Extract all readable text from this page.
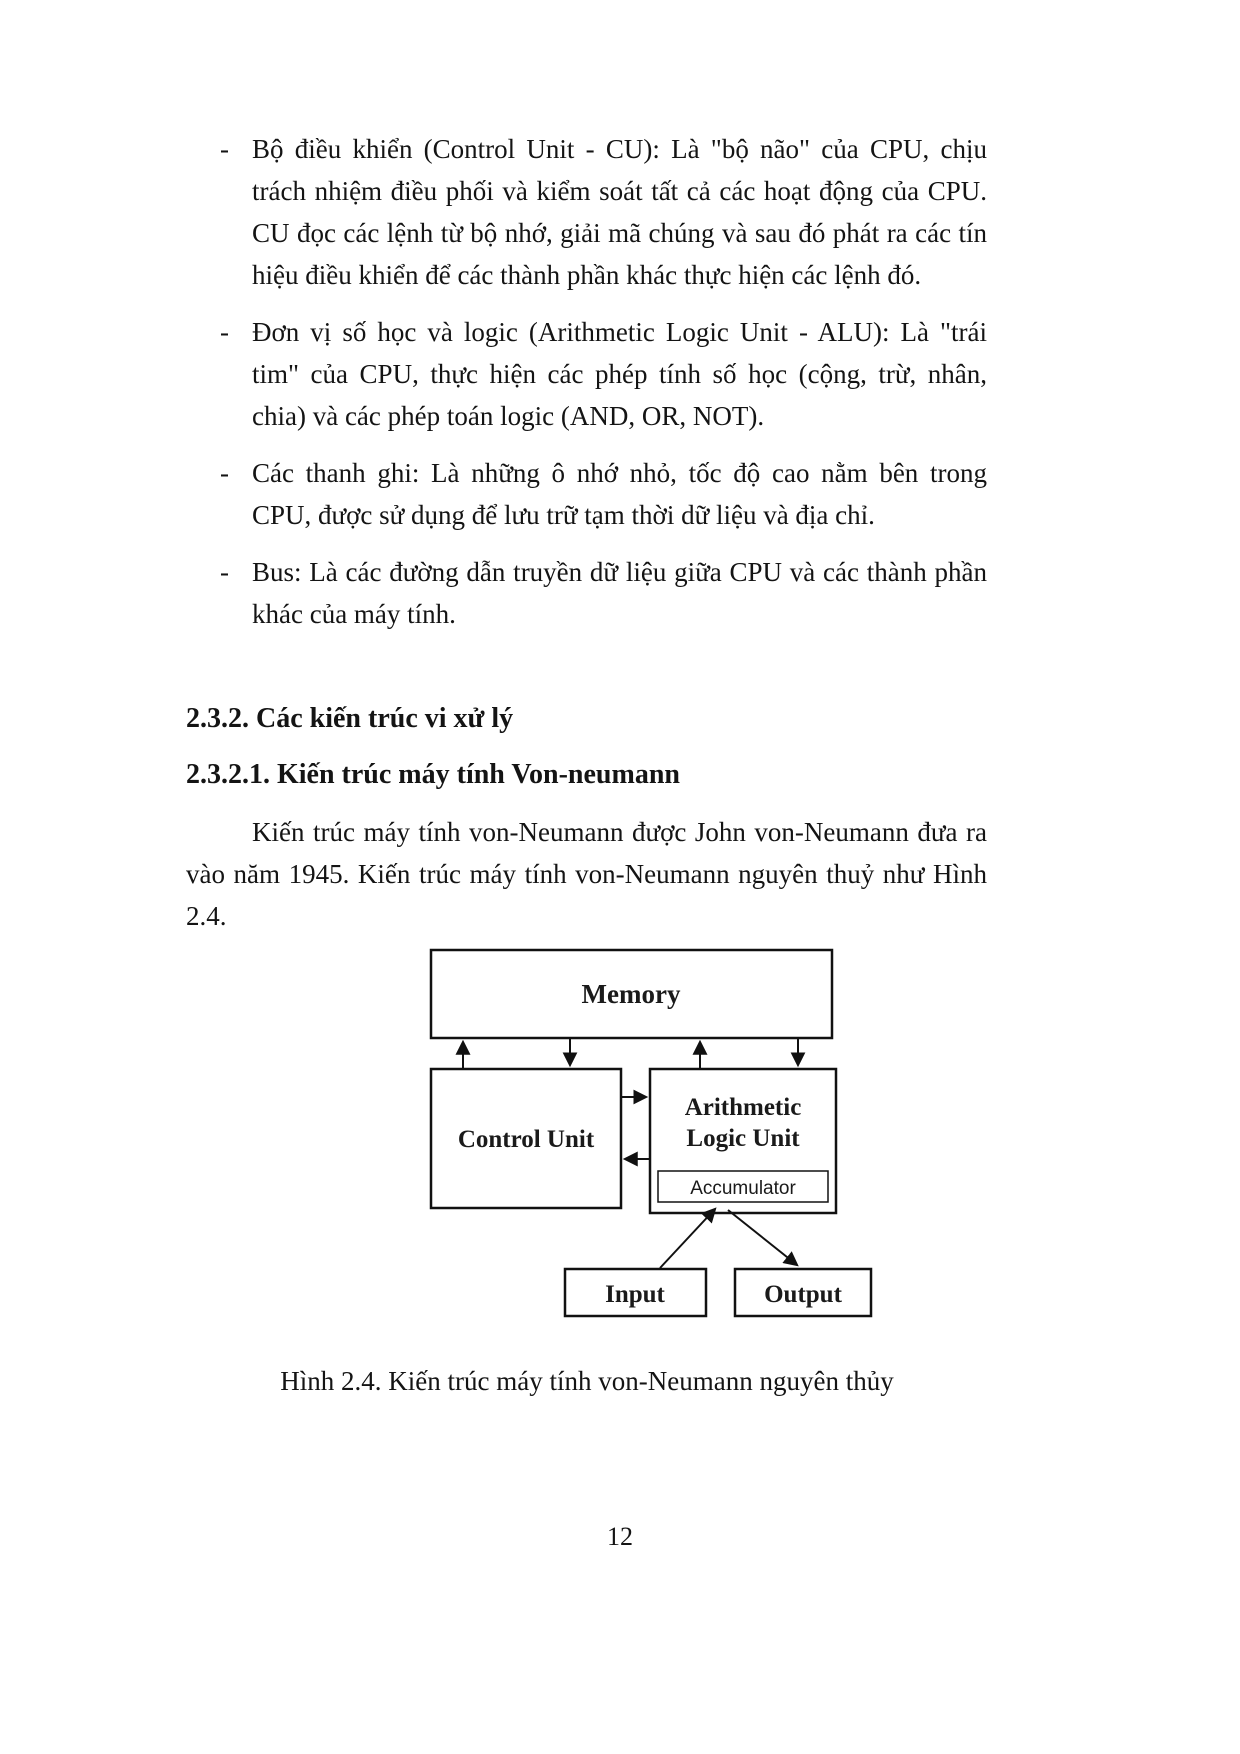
- Bộ điều khiển (Control Unit - CU): Là "bộ não" của CPU, chịu trách nhiệm điều phối và kiểm soát tất cả các hoạt động của CPU. CU đọc các lệnh từ bộ nhớ, giải mã chúng và sau đó phát ra các tín hiệu điều khiển để các thành phần khác thực hiện các lệnh đó.
- Đơn vị số học và logic (Arithmetic Logic Unit - ALU): Là "trái tim" của CPU, thực hiện các phép tính số học (cộng, trừ, nhân, chia) và các phép toán logic (AND, OR, NOT).
- Các thanh ghi: Là những ô nhớ nhỏ, tốc độ cao nằm bên trong CPU, được sử dụng để lưu trữ tạm thời dữ liệu và địa chỉ.
- Bus: Là các đường dẫn truyền dữ liệu giữa CPU và các thành phần khác của máy tính.
2.3.2. Các kiến trúc vi xử lý
2.3.2.1. Kiến trúc máy tính Von-neumann

Kiến trúc máy tính von-Neumann được John von-Neumann đưa ra vào năm 1945. Kiến trúc máy tính von-Neumann nguyên thuỷ như Hình 2.4.

Memory
Control Unit
Arithmetic
Logic Unit
Accumulator
Input	Output
Hình 2.4. Kiến trúc máy tính von-Neumann nguyên thủy
12
